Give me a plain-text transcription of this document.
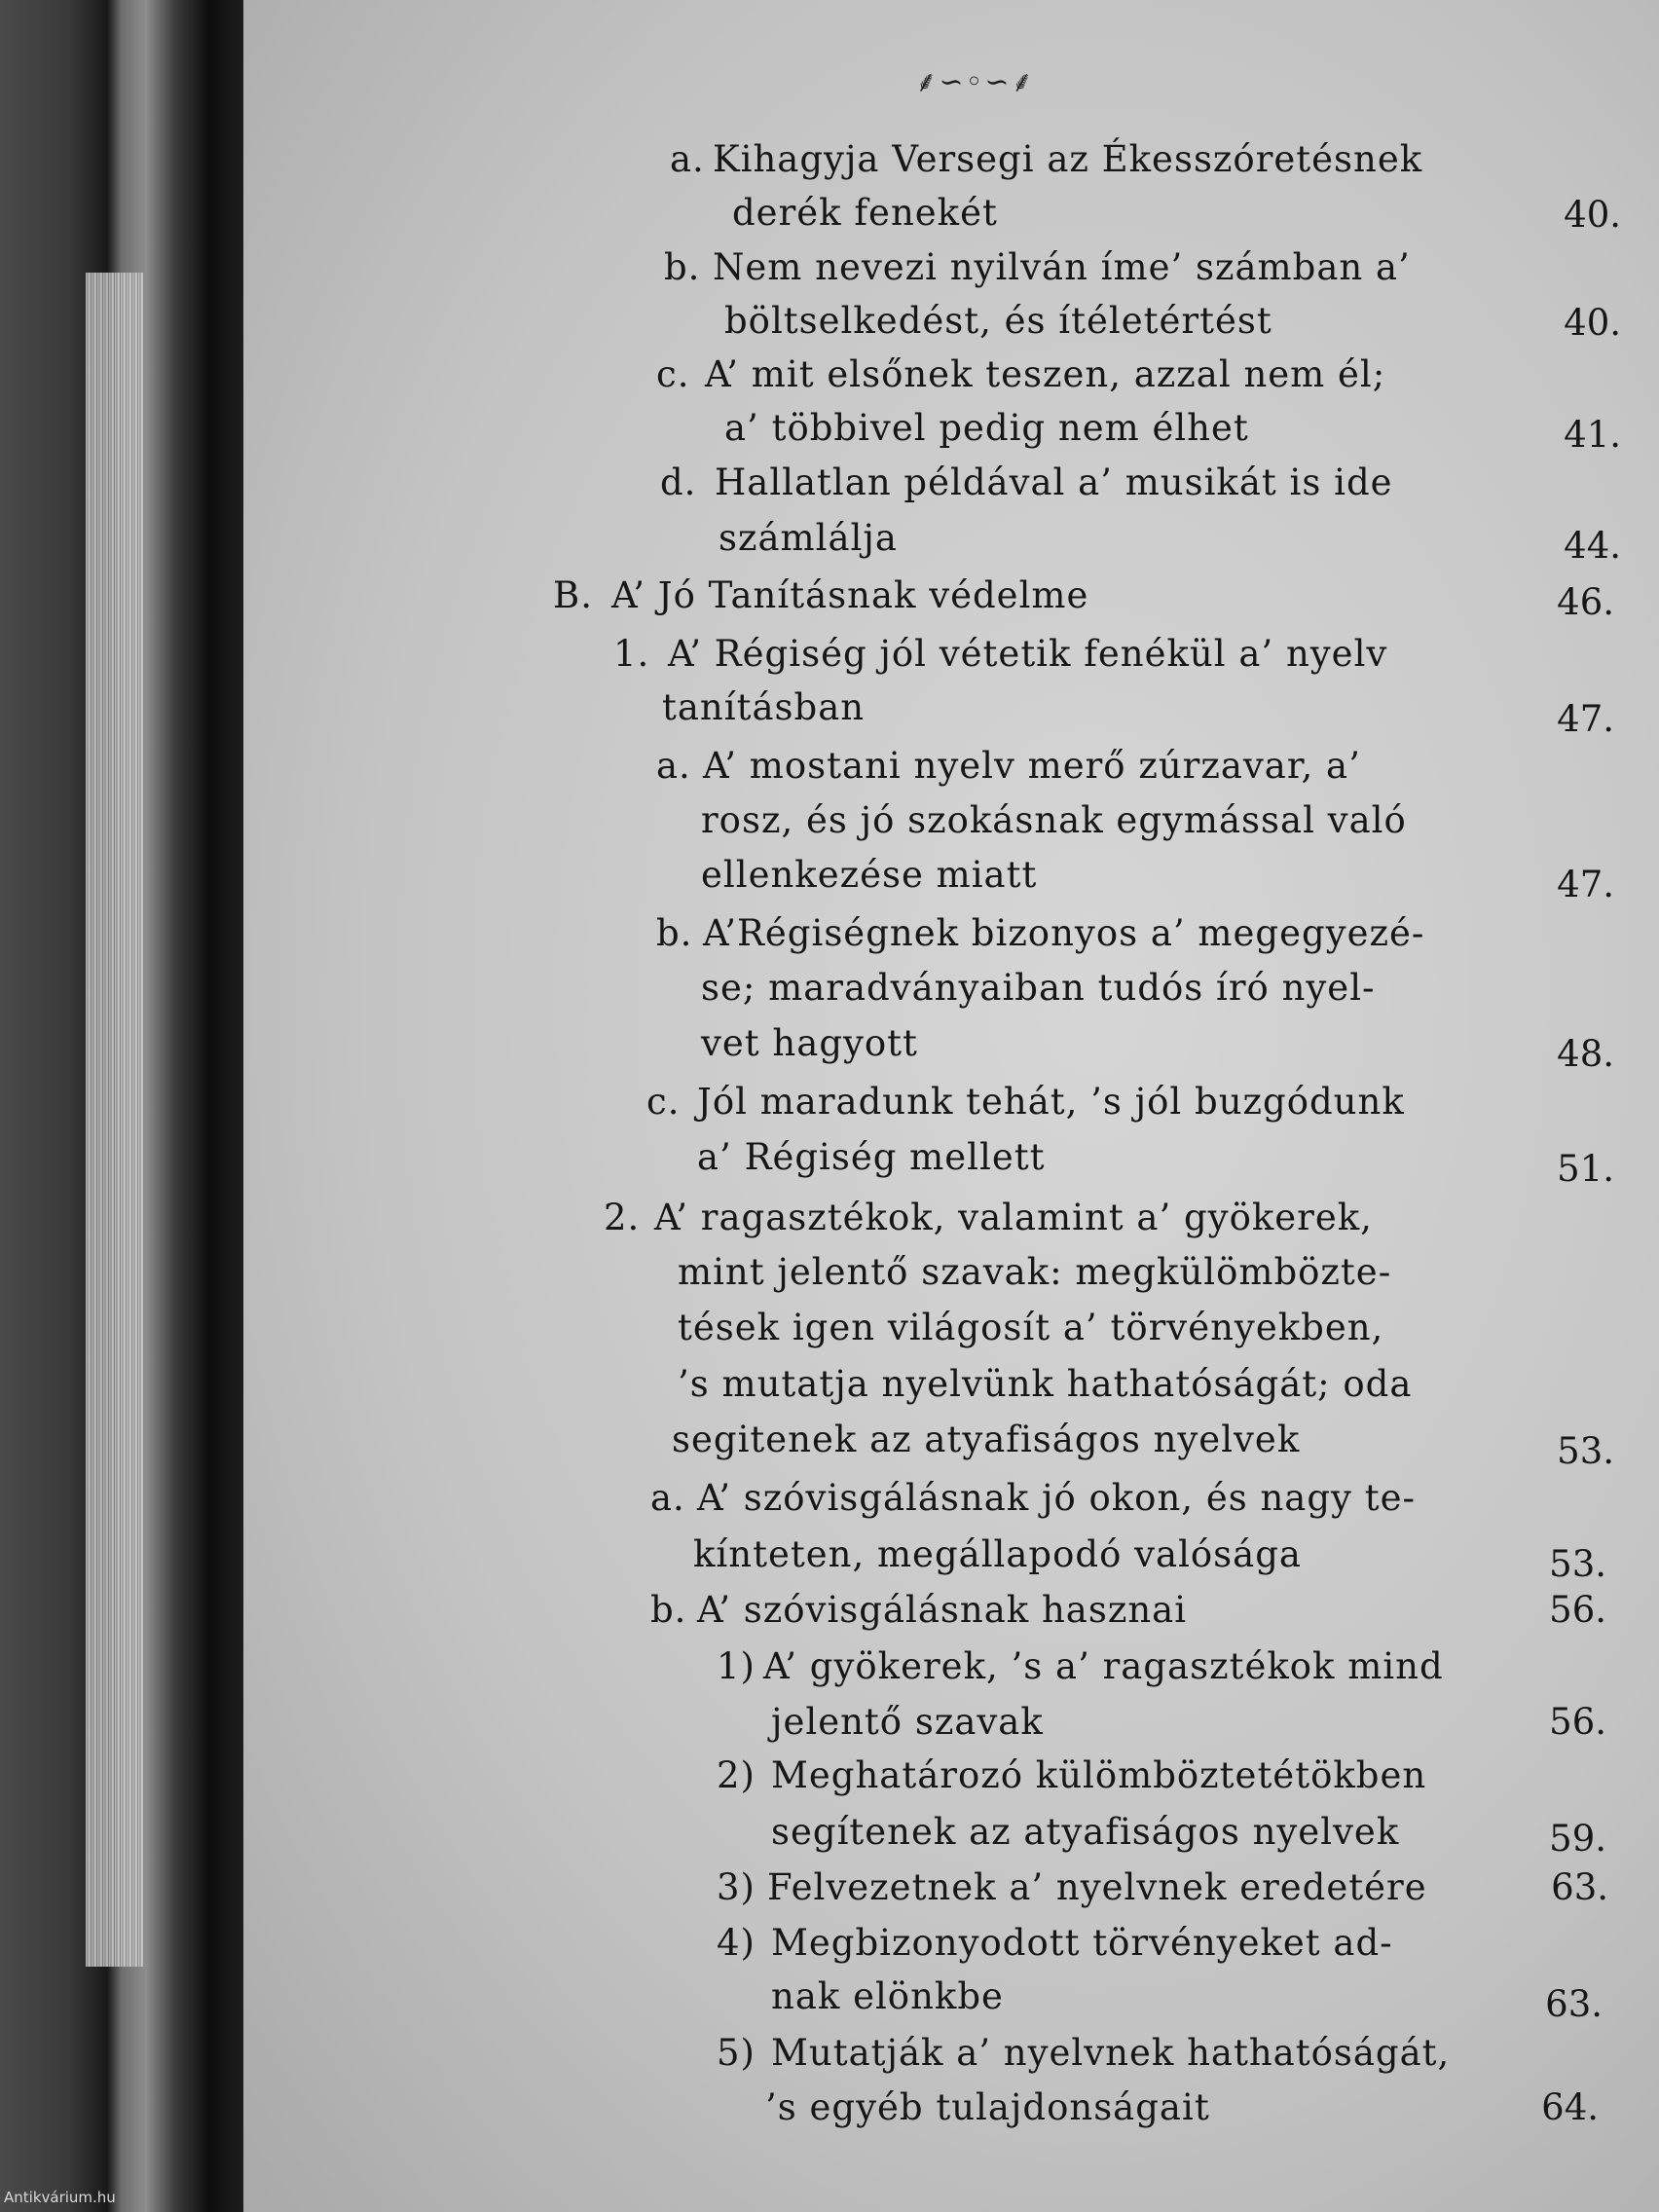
⸙∽◦∽⸙
a. Kihagyja Versegi az Ékesszóretésnek
derék fenekét	40.
b. Nem nevezi nyilván íme’ számban a’
böltselkedést, és ítéletértést	40.
c. A’ mit elsőnek teszen, azzal nem él;
a’ többivel pedig nem élhet	41.
d. Hallatlan példával a’ musikát is ide
számlálja	44.
B. A’ Jó Tanításnak védelme	46.
1. A’ Régiség jól vétetik fenékül a’ nyelv
tanításban	47.
a. A’ mostani nyelv merő zúrzavar, a’
rosz, és jó szokásnak egymással való
ellenkezése miatt	47.
b. A’Régiségnek bizonyos a’ megegyezé-
se; maradványaiban tudós író nyel-
vet hagyott	48.
c. Jól maradunk tehát, ’s jól buzgódunk
a’ Régiség mellett	51.
2. A’ ragasztékok, valamint a’ gyökerek,
mint jelentő szavak: megkülömbözte-
tések igen világosít a’ törvényekben,
’s mutatja nyelvünk hathatóságát; oda
segitenek az atyafiságos nyelvek	53.
a. A’ szóvisgálásnak jó okon, és nagy te-
kínteten, megállapodó valósága	53.
b. A’ szóvisgálásnak hasznai	56.
1) A’ gyökerek, ’s a’ ragasztékok mind
jelentő szavak	56.
2) Meghatározó külömböztetétökben
segítenek az atyafiságos nyelvek	59.
3) Felvezetnek a’ nyelvnek eredetére	63.
4) Megbizonyodott törvényeket ad-
nak elönkbe	63.
5) Mutatják a’ nyelvnek hathatóságát,
’s egyéb tulajdonságait	64.
Antikvárium.hu
